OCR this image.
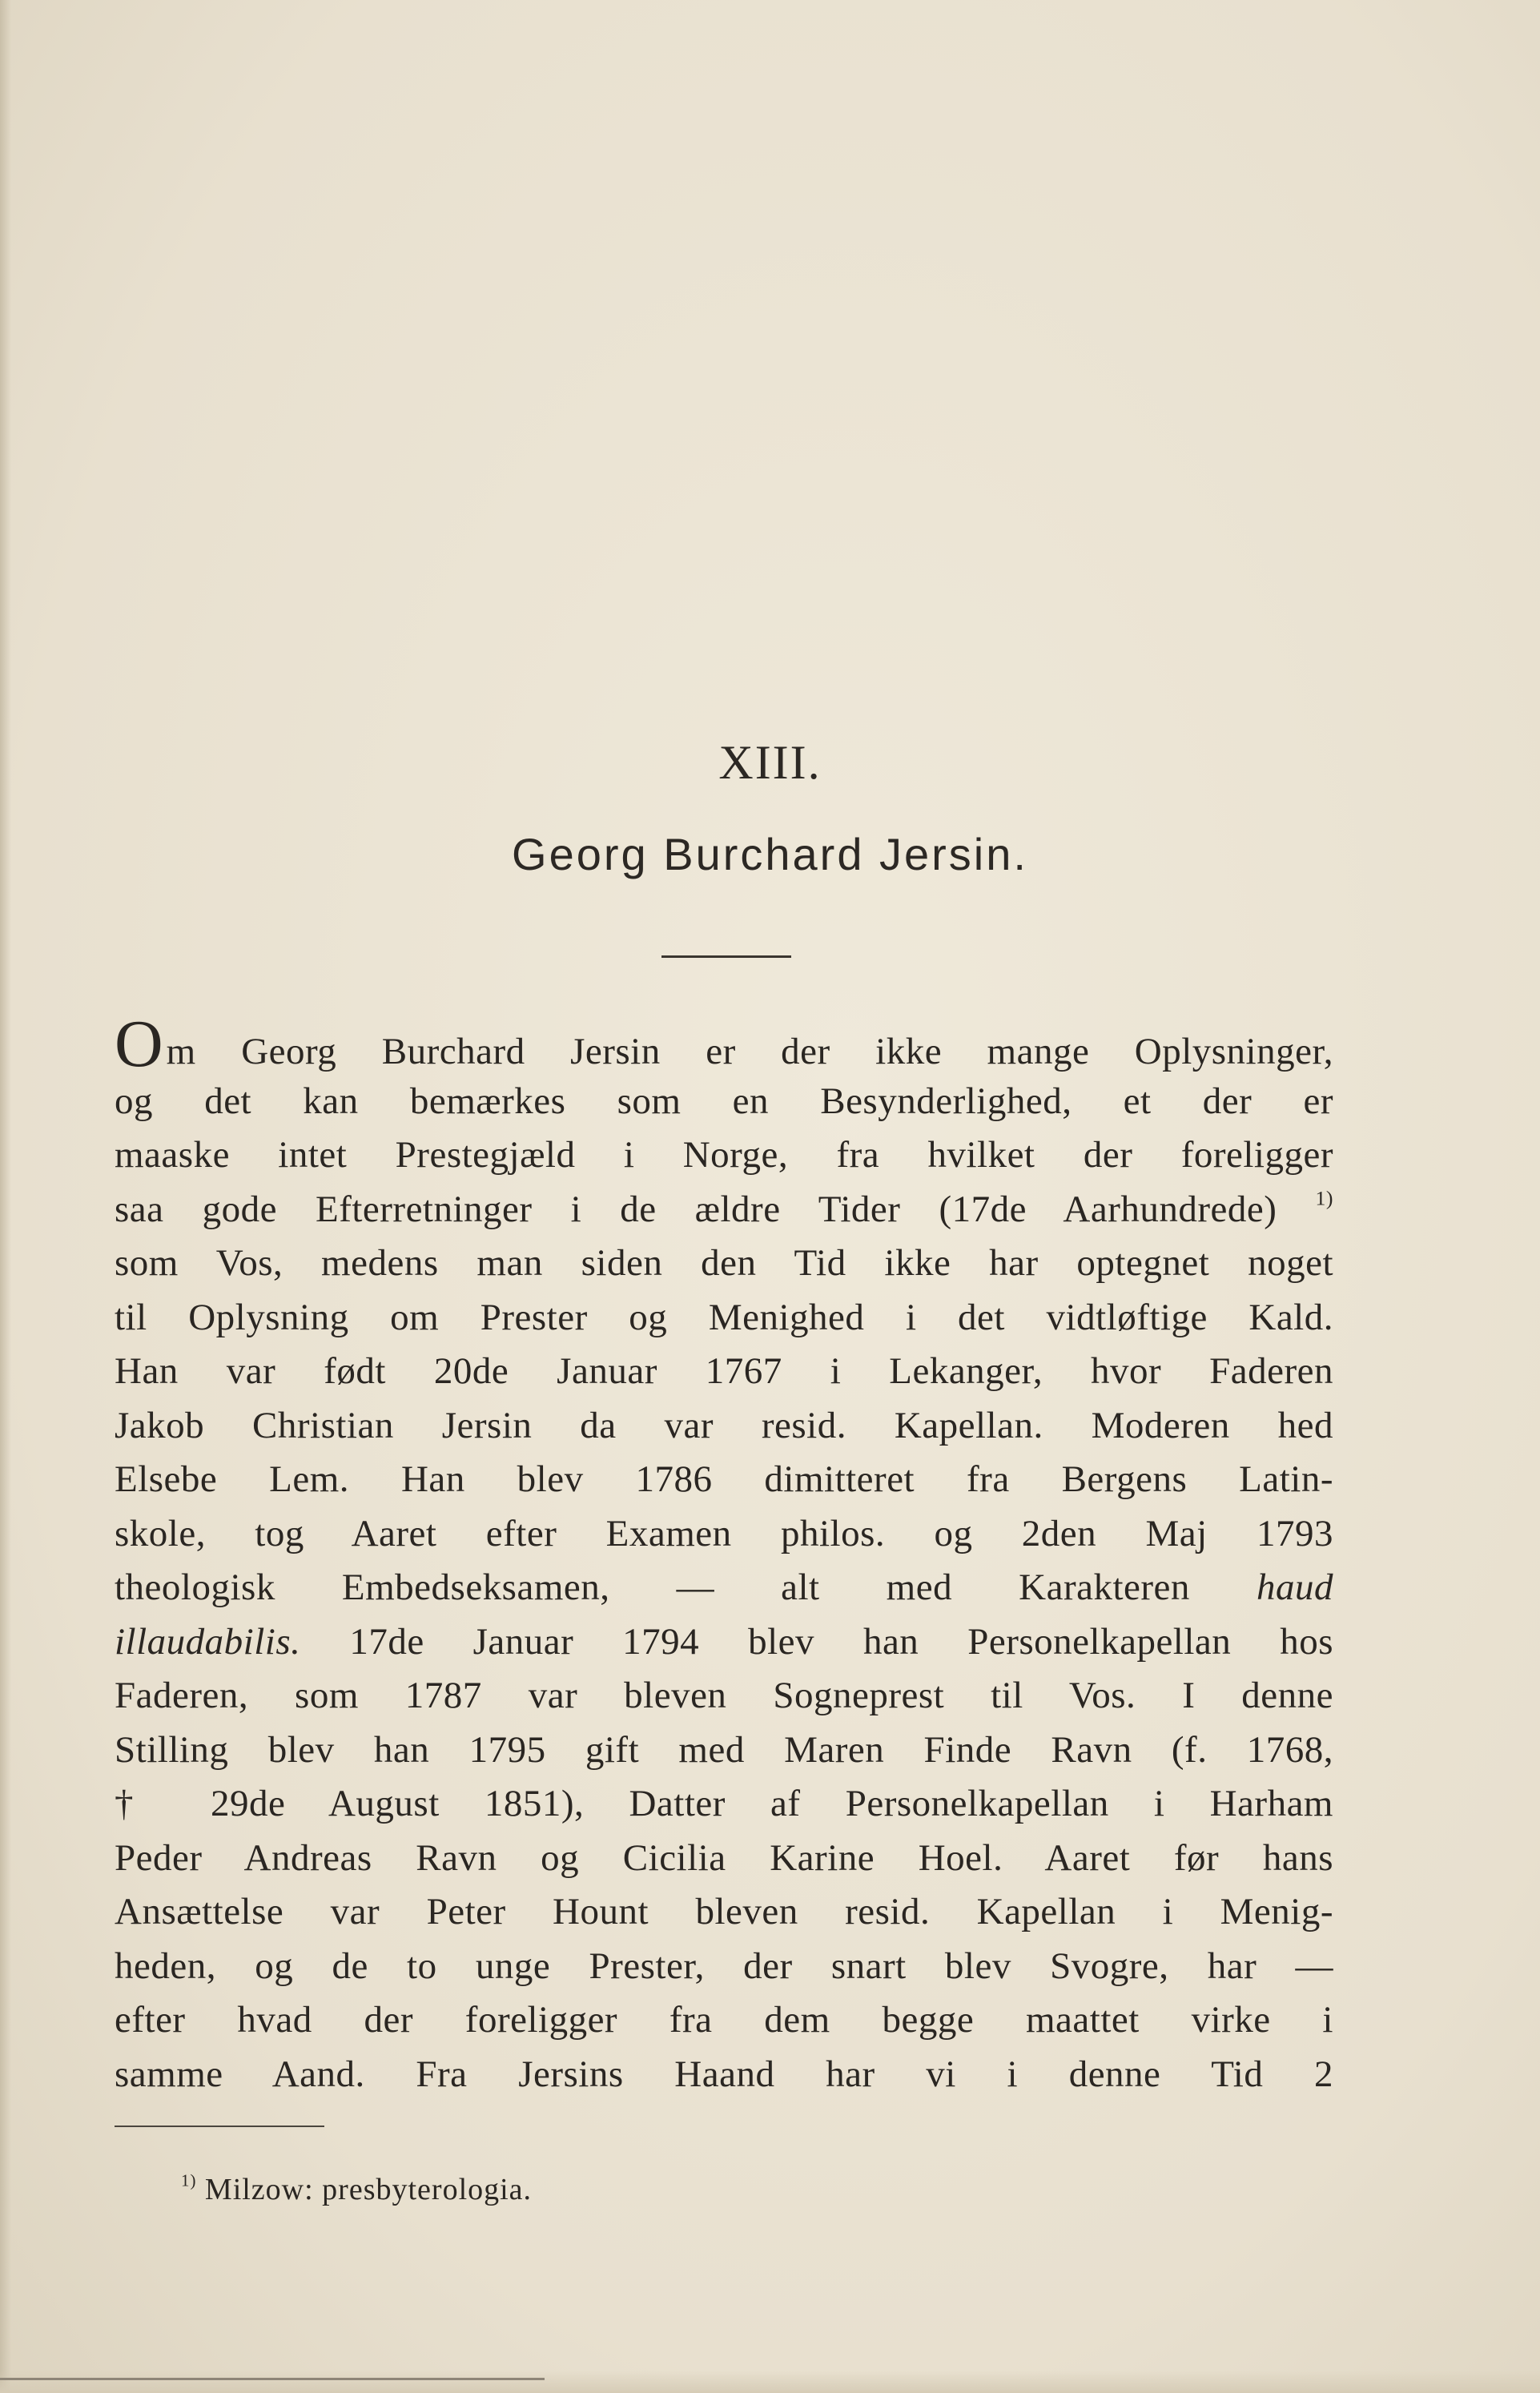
XIII.
Georg Burchard Jersin.
Om Georg Burchard Jersin er der ikke mange Oplysninger,
og det kan bemærkes som en Besynderlighed, et der er
maaske intet Prestegjæld i Norge, fra hvilket der foreligger
saa gode Efterretninger i de ældre Tider (17de Aarhundrede) $^{1)}$
som Vos, medens man siden den Tid ikke har optegnet noget
til Oplysning om Prester og Menighed i det vidtløftige Kald.
Han var født 20de Januar 1767 i Lekanger, hvor Faderen
Jakob Christian Jersin da var resid. Kapellan. Moderen hed
Elsebe Lem. Han blev 1786 dimitteret fra Bergens Latin-
skole, tog Aaret efter Examen philos. og 2den Maj 1793
theologisk Embedseksamen, — alt med Karakteren haud
illaudabilis. 17de Januar 1794 blev han Personelkapellan hos
Faderen, som 1787 var bleven Sogneprest til Vos. I denne
Stilling blev han 1795 gift med Maren Finde Ravn (f. 1768,
† 29de August 1851), Datter af Personelkapellan i Harham
Peder Andreas Ravn og Cicilia Karine Hoel. Aaret før hans
Ansættelse var Peter Hount bleven resid. Kapellan i Menig-
heden, og de to unge Prester, der snart blev Svogre, har —
efter hvad der foreligger fra dem begge maattet virke i
samme Aand. Fra Jersins Haand har vi i denne Tid 2
$^{1)}$ Milzow: presbyterologia.
